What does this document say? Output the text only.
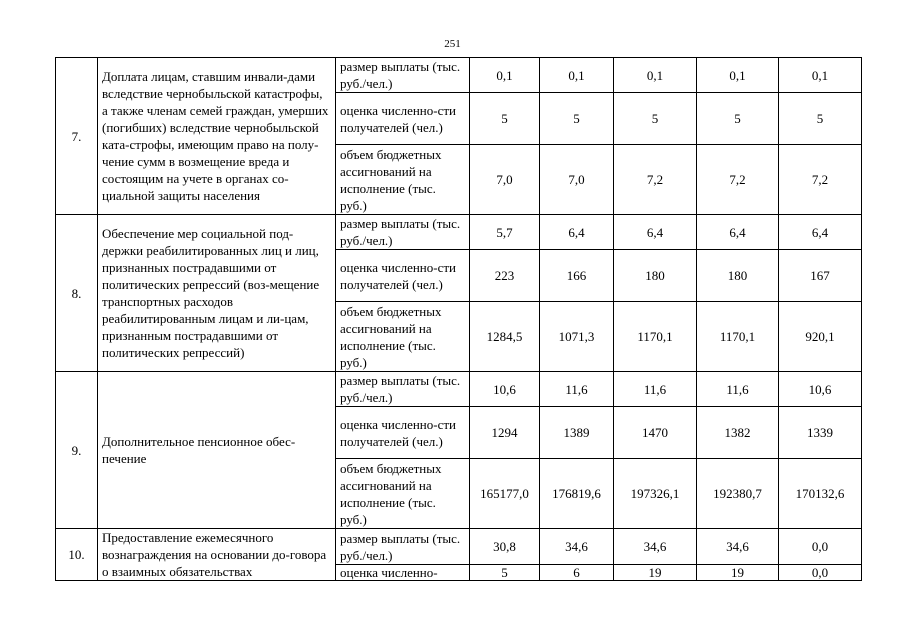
251
7.	Доплата лицам, ставшим инвали-дами вследствие чернобыльской катастрофы, а также членам семей граждан, умерших (погибших) вследствие чернобыльской ката-строфы, имеющим право на полу-чение сумм в возмещение вреда и состоящим на учете в органах со-циальной защиты населения	размер выплаты (тыс. руб./чел.)	0,1	0,1	0,1	0,1	0,1
		оценка численно-сти получателей (чел.)	5	5	5	5	5
		объем бюджетных ассигнований на исполнение (тыс. руб.)	7,0	7,0	7,2	7,2	7,2
8.	Обеспечение мер социальной под-держки реабилитированных лиц и лиц, признанных пострадавшими от политических репрессий (воз-мещение транспортных расходов реабилитированным лицам и ли-цам, признанным пострадавшими от политических репрессий)	размер выплаты (тыс. руб./чел.)	5,7	6,4	6,4	6,4	6,4
		оценка численно-сти получателей (чел.)	223	166	180	180	167
		объем бюджетных ассигнований на исполнение (тыс. руб.)	1284,5	1071,3	1170,1	1170,1	920,1
9.	Дополнительное пенсионное обес-печение	размер выплаты (тыс. руб./чел.)	10,6	11,6	11,6	11,6	10,6
		оценка численно-сти получателей (чел.)	1294	1389	1470	1382	1339
		объем бюджетных ассигнований на исполнение (тыс. руб.)	165177,0	176819,6	197326,1	192380,7	170132,6
10.	Предоставление ежемесячного вознаграждения на основании до-говора о взаимных обязательствах	размер выплаты (тыс. руб./чел.)	30,8	34,6	34,6	34,6	0,0
		оценка численно-	5	6	19	19	0,0
